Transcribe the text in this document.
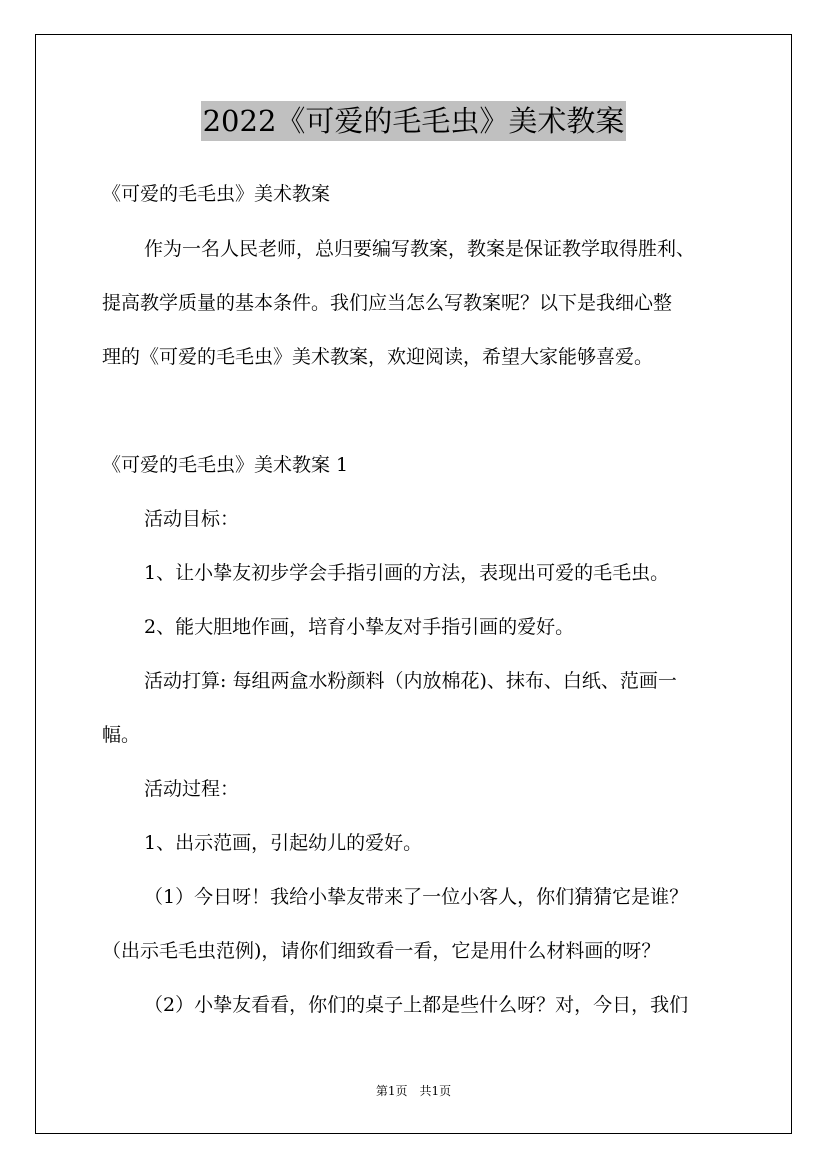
2022《可爱的毛毛虫》美术教案
《可爱的毛毛虫》美术教案
作为一名人民老师，总归要编写教案，教案是保证教学取得胜利、
提高教学质量的基本条件。我们应当怎么写教案呢？以下是我细心整
理的《可爱的毛毛虫》美术教案，欢迎阅读，希望大家能够喜爱。
《可爱的毛毛虫》美术教案 1
活动目标：
1、让小挚友初步学会手指引画的方法，表现出可爱的毛毛虫。
2、能大胆地作画，培育小挚友对手指引画的爱好。
活动打算: 每组两盒水粉颜料（内放棉花)、抹布、白纸、范画一
幅。
活动过程：
1、出示范画，引起幼儿的爱好。
（1）今日呀！我给小挚友带来了一位小客人，你们猜猜它是谁？
（出示毛毛虫范例)，请你们细致看一看，它是用什么材料画的呀？
（2）小挚友看看，你们的桌子上都是些什么呀？对，今日，我们
第1页　共1页
